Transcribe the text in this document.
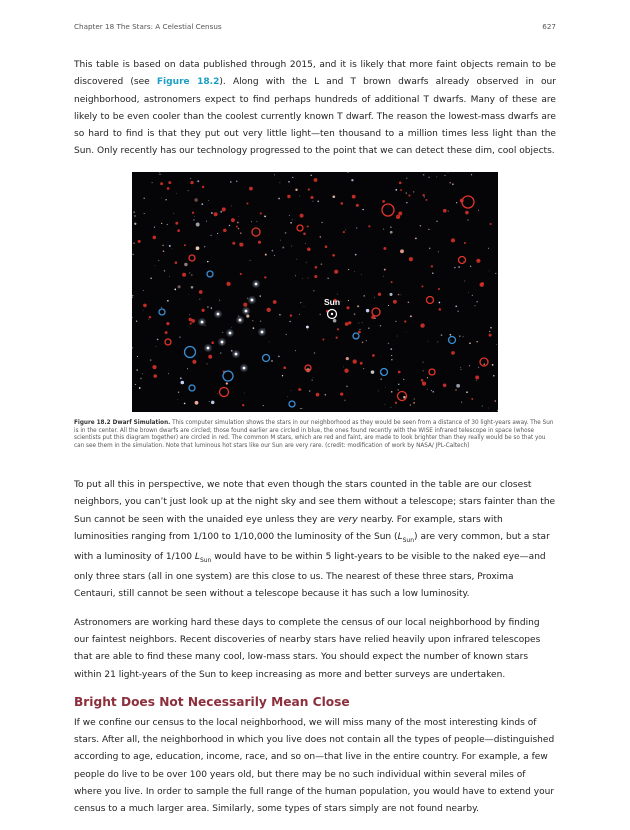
Chapter 18 The Stars: A Celestial Census	627

This table is based on data published through 2015, and it is likely that more faint objects remain to be discovered (see Figure 18.2). Along with the L and T brown dwarfs already observed in our neighborhood, astronomers expect to find perhaps hundreds of additional T dwarfs. Many of these are likely to be even cooler than the coolest currently known T dwarf. The reason the lowest-mass dwarfs are so hard to find is that they put out very little light—ten thousand to a million times less light than the Sun. Only recently has our technology progressed to the point that we can detect these dim, cool objects.

Sun
Figure 18.2 Dwarf Simulation. This computer simulation shows the stars in our neighborhood as they would be seen from a distance of 30 light-years away. The Sun is in the center. All the brown dwarfs are circled; those found earlier are circled in blue, the ones found recently with the WISE infrared telescope in space (whose scientists put this diagram together) are circled in red. The common M stars, which are red and faint, are made to look brighter than they really would be so that you can see them in the simulation. Note that luminous hot stars like our Sun are very rare. (credit: modification of work by NASA/ JPL-Caltech)

To put all this in perspective, we note that even though the stars counted in the table are our closest neighbors, you can’t just look up at the night sky and see them without a telescope; stars fainter than the Sun cannot be seen with the unaided eye unless they are very nearby. For example, stars with luminosities ranging from 1/100 to 1/10,000 the luminosity of the Sun $(L_{Sun})$ are very common, but a star with a luminosity of 1/100 $L_{Sun}$ would have to be within 5 light-years to be visible to the naked eye—and only three stars (all in one system) are this close to us. The nearest of these three stars, Proxima Centauri, still cannot be seen without a telescope because it has such a low luminosity.

Astronomers are working hard these days to complete the census of our local neighborhood by finding our faintest neighbors. Recent discoveries of nearby stars have relied heavily upon infrared telescopes that are able to find these many cool, low-mass stars. You should expect the number of known stars within 21 light-years of the Sun to keep increasing as more and better surveys are undertaken.

Bright Does Not Necessarily Mean Close

If we confine our census to the local neighborhood, we will miss many of the most interesting kinds of stars. After all, the neighborhood in which you live does not contain all the types of people—distinguished according to age, education, income, race, and so on—that live in the entire country. For example, a few people do live to be over 100 years old, but there may be no such individual within several miles of where you live. In order to sample the full range of the human population, you would have to extend your census to a much larger area. Similarly, some types of stars simply are not found nearby.
